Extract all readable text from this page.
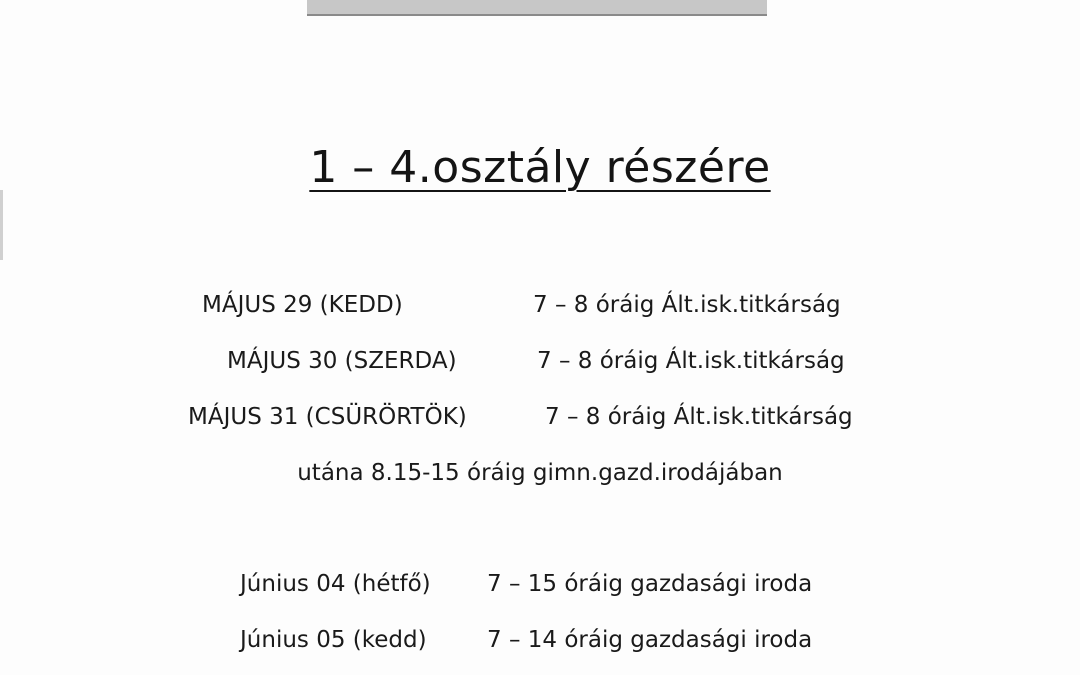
1 – 4.osztály részére
MÁJUS 29 (KEDD)	7 – 8 óráig Ált.isk.titkárság
MÁJUS 30 (SZERDA)	7 – 8 óráig Ált.isk.titkárság
MÁJUS 31 (CSÜRÖRTÖK)	7 – 8 óráig Ált.isk.titkárság
utána 8.15-15 óráig gimn.gazd.irodájában
Június 04 (hétfő) 7 – 15 óráig gazdasági iroda
Június 05 (kedd)	7 – 14 óráig gazdasági iroda
